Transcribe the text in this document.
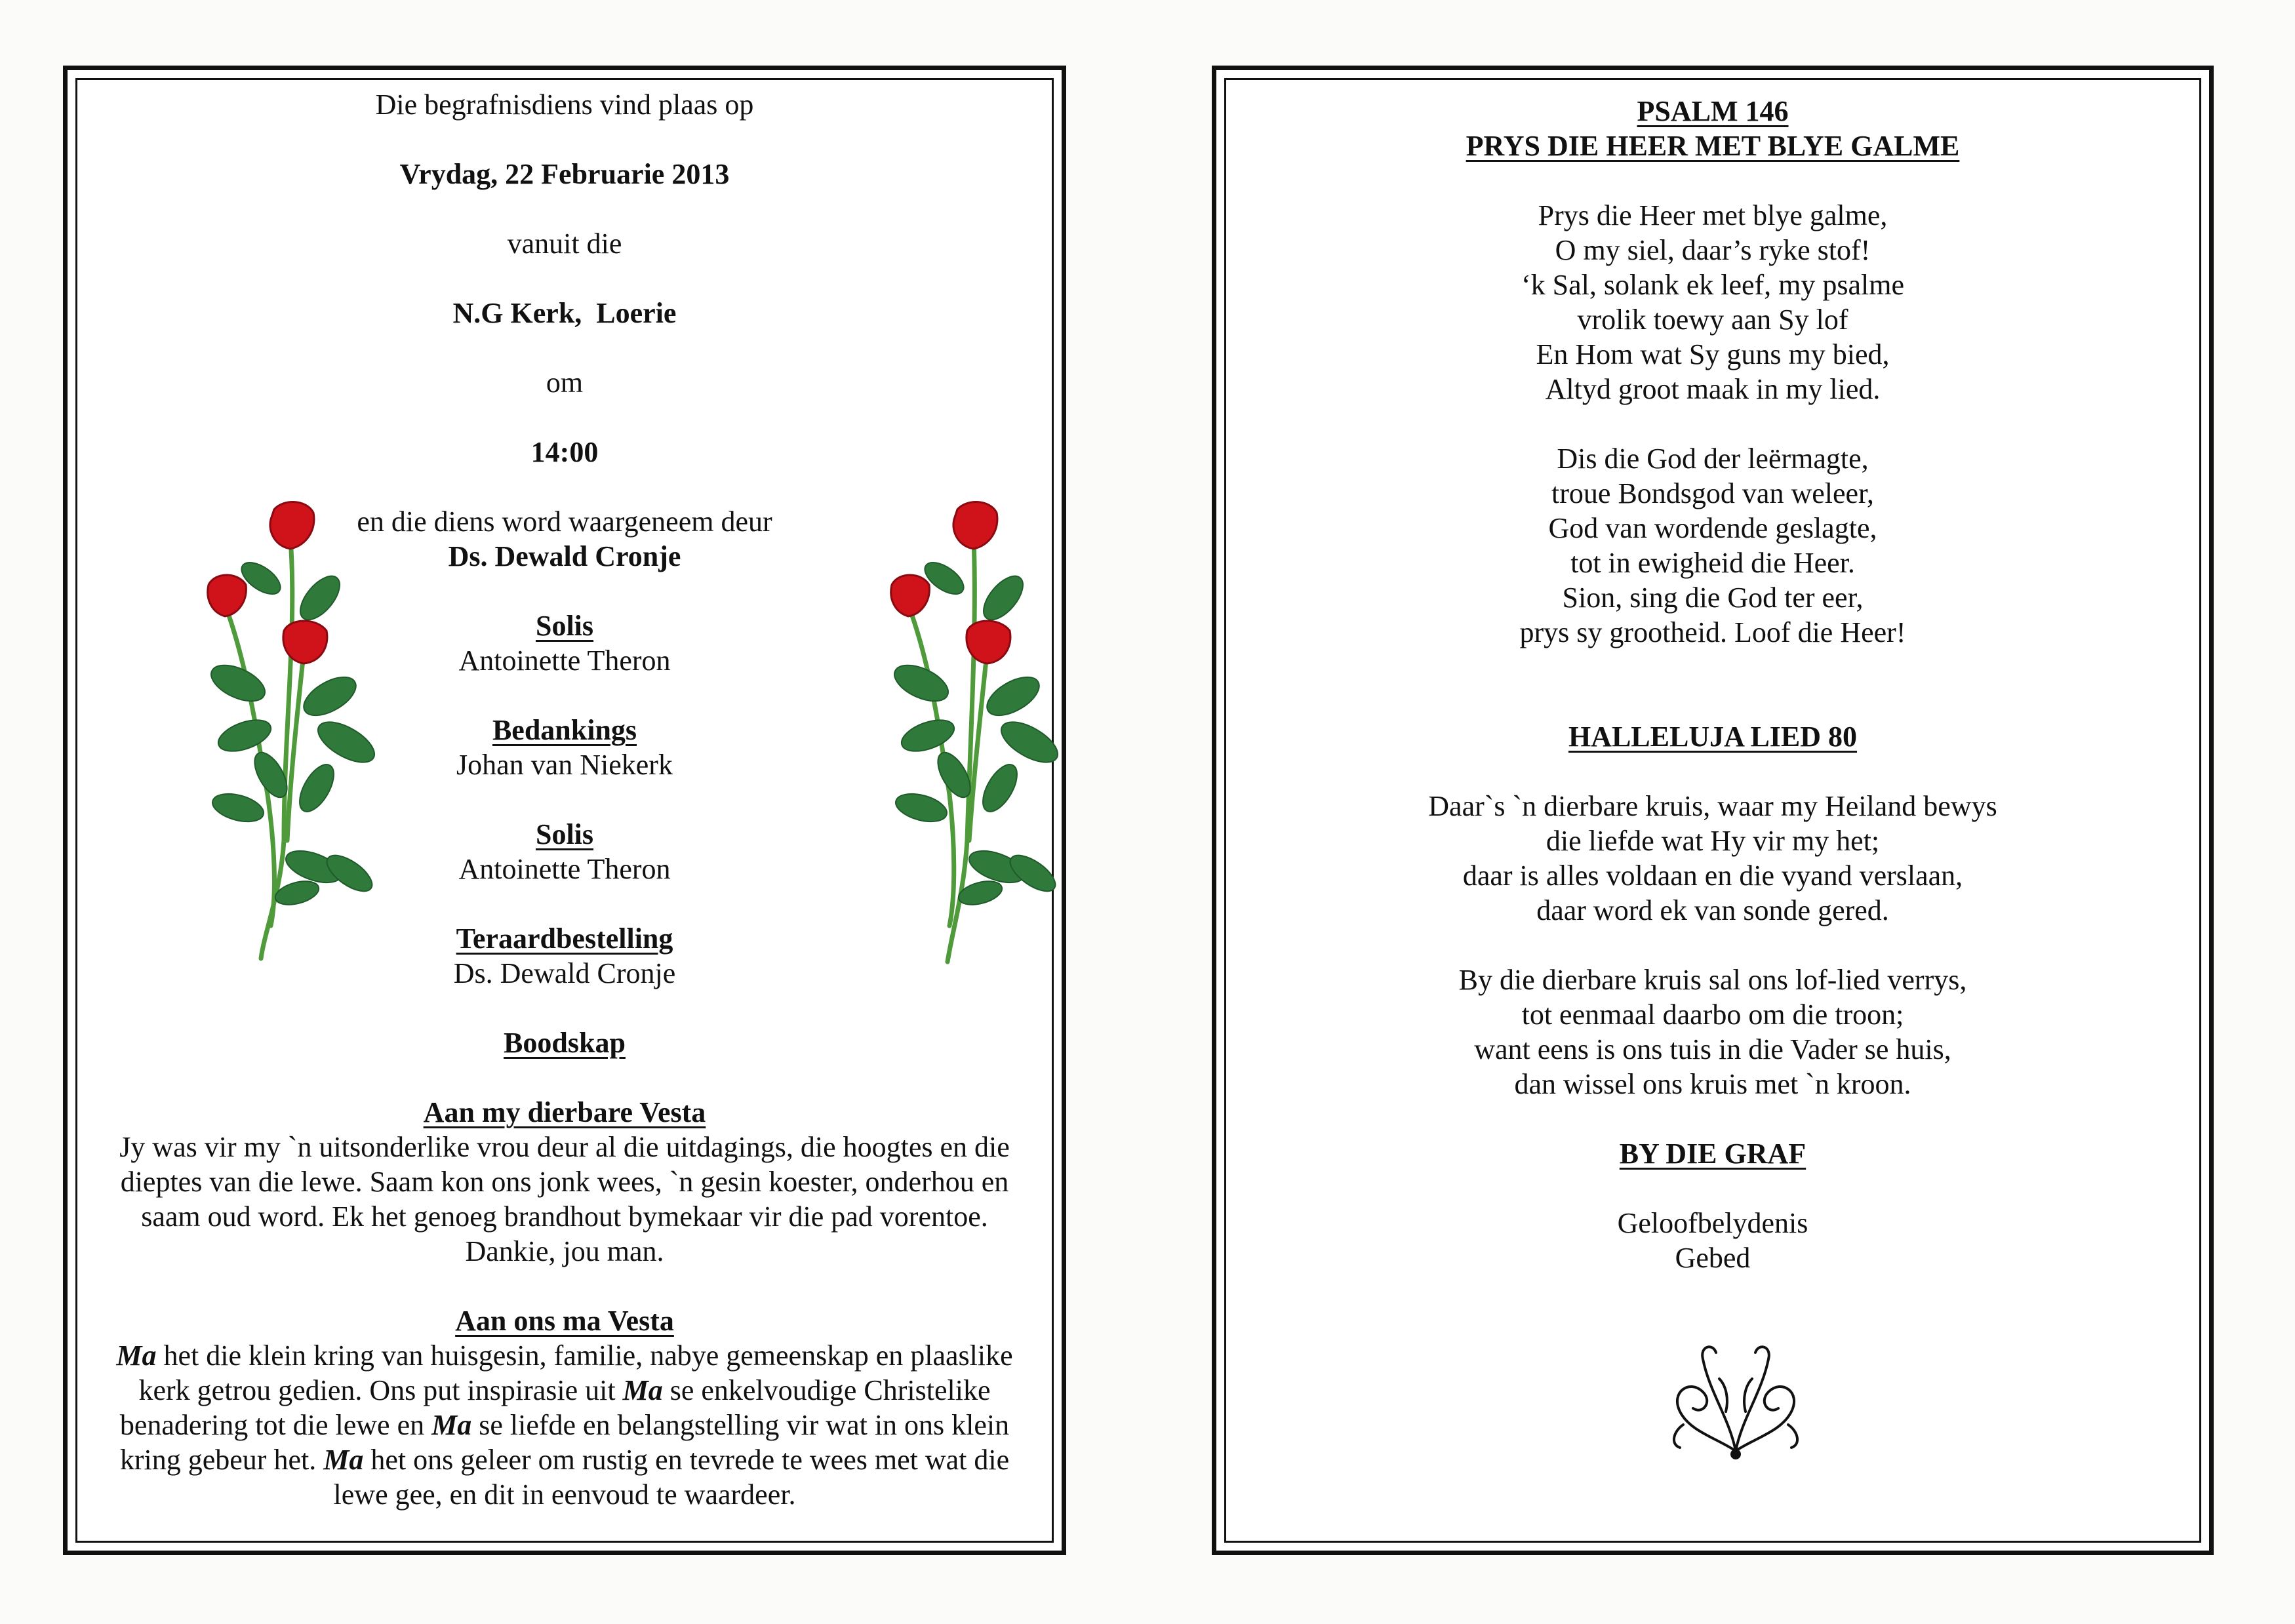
Die begrafnisdiens vind plaas op

Vrydag, 22 Februarie 2013

vanuit die

N.G Kerk,  Loerie

om

14:00

en die diens word waargeneem deur

Ds. Dewald Cronje

Solis

Antoinette Theron

Bedankings

Johan van Niekerk

Solis

Antoinette Theron

Teraardbestelling

Ds. Dewald Cronje

Boodskap

Aan my dierbare Vesta

Jy was vir my `n uitsonderlike vrou deur al die uitdagings, die hoogtes en die dieptes van die lewe. Saam kon ons jonk wees, `n gesin koester, onderhou en saam oud word. Ek het genoeg brandhout bymekaar vir die pad vorentoe. Dankie, jou man.

Aan ons ma Vesta

Ma het die klein kring van huisgesin, familie, nabye gemeenskap en plaaslike kerk getrou gedien. Ons put inspirasie uit Ma se enkelvoudige Christelike benadering tot die lewe en Ma se liefde en belangstelling vir wat in ons klein kring gebeur het. Ma het ons geleer om rustig en tevrede te wees met wat die lewe gee, en dit in eenvoud te waardeer.

PSALM 146

PRYS DIE HEER MET BLYE GALME

Prys die Heer met blye galme,

O my siel, daar’s ryke stof!

‘k Sal, solank ek leef, my psalme

vrolik toewy aan Sy lof

En Hom wat Sy guns my bied,

Altyd groot maak in my lied.

Dis die God der leërmagte,

troue Bondsgod van weleer,

God van wordende geslagte,

tot in ewigheid die Heer.

Sion, sing die God ter eer,

prys sy grootheid. Loof die Heer!

HALLELUJA LIED 80

Daar`s `n dierbare kruis, waar my Heiland bewys

die liefde wat Hy vir my het;

daar is alles voldaan en die vyand verslaan,

daar word ek van sonde gered.

By die dierbare kruis sal ons lof-lied verrys,

tot eenmaal daarbo om die troon;

want eens is ons tuis in die Vader se huis,

dan wissel ons kruis met `n kroon.

BY DIE GRAF

Geloofbelydenis

Gebed
